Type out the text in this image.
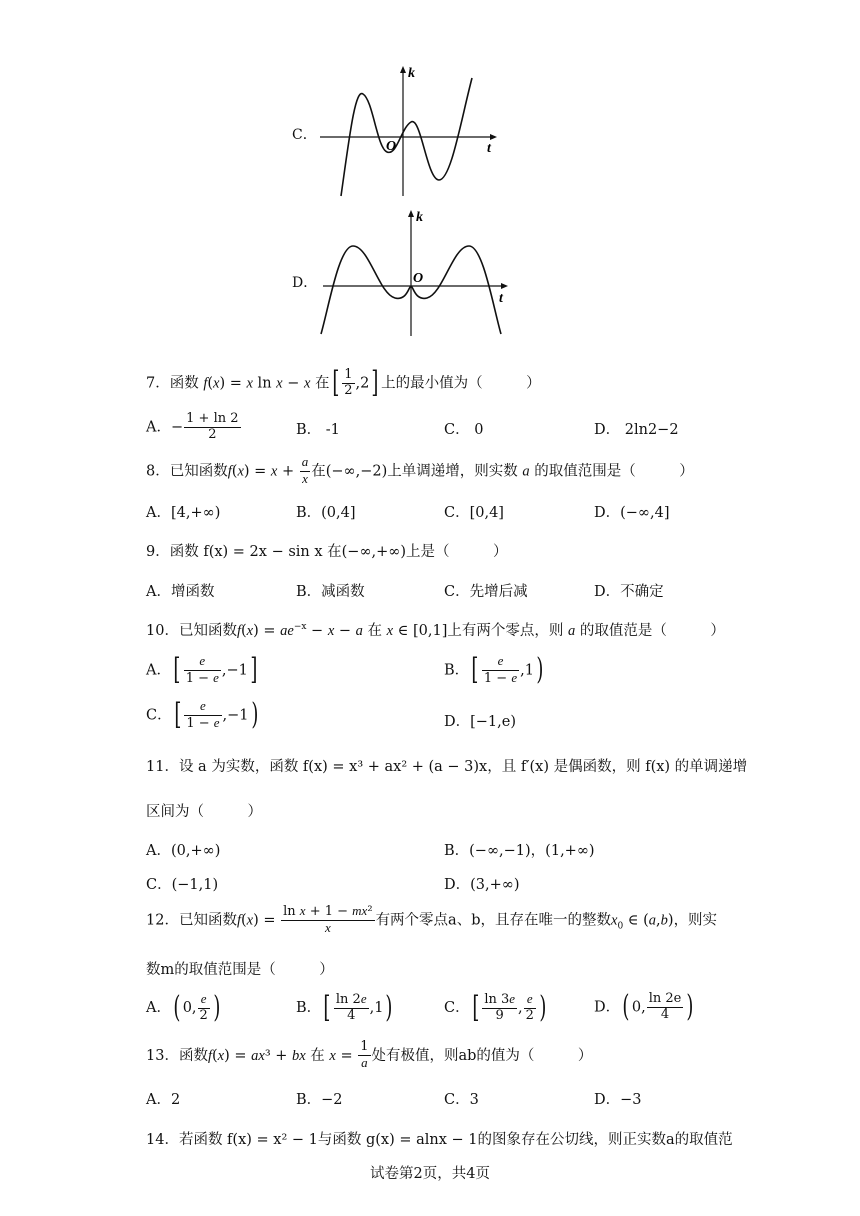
C．
k
O	t
D．
k
O
t
7．函数 f(x) = x ln x − x 在[ $\frac{1}{2} ,2$] 上的最小值为（　　　）
A．− $\frac{1 + \ln 2}{2}$	B． -1	C． 0	D． 2ln2−2
8．已知函数$f(x) = x + \frac{a}{x}$ 在(−∞,−2)上单调递增，则实数 a 的取值范围是（　　　）
A．[4,+∞)	B．(0,4]	C．[0,4]	D．(−∞,4]
9．函数 f(x) = 2x − sin x 在(−∞,+∞)上是（　　　）
A．增函数	B．减函数	C．先增后减	D．不确定
10．已知函数$f(x) = ae^{-x} - x - a$ 在 x ∈ [0,1]上有两个零点，则 a 的取值范是（　　　）
A．[ $\frac{e}{1 - e} ,-1$]	B．[ $\frac{e}{1 - e} ,1$)
C．[ $\frac{e}{1 - e} ,-1$)	D．[−1,e)
11．设 a 为实数，函数 f(x) = x³ + ax² + (a − 3)x，且 f′(x) 是偶函数，则 f(x) 的单调递增
区间为（　　　）
A．(0,+∞)	B．(−∞,−1)，(1,+∞)
C．(−1,1)	D．(3,+∞)
12．已知函数$f(x) = \frac{\text{ln x + 1 − mx²}}{x}$ 有两个零点a、b，且存在唯一的整数$x_0$ ∈ (a,b)，则实
数m的取值范围是（　　　）
A．( 0, $\frac{e}{2}$ )	B．[ $\frac{\ln 2e}{4} ,1$)	C．[ $\frac{\ln 3e}{9}$ , $\frac{e}{2}$ )	D．( 0, $\frac{\ln 2e}{4}$ )
13．函数f(x) = ax³ + bx 在 $x = \frac{1}{a}$ 处有极值，则ab的值为（　　　）
A．2	B．−2	C．3	D．−3
14．若函数 f(x) = x² − 1与函数 g(x) = alnx − 1的图象存在公切线，则正实数a的取值范
试卷第2页，共4页
